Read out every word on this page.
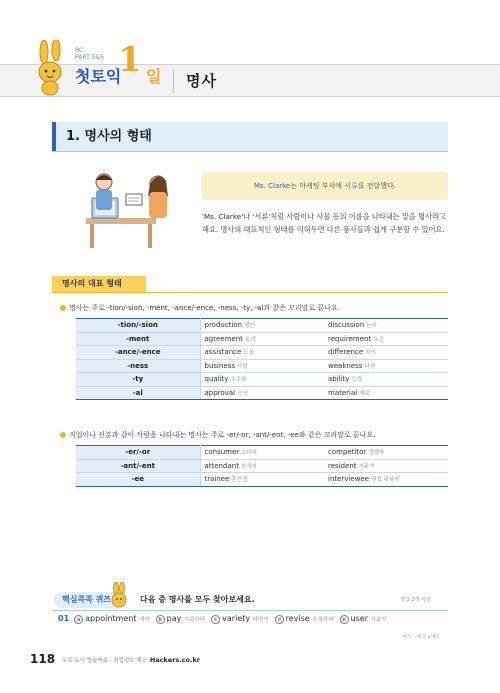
RC
PART 5&6
첫토익
1 일 명사
1. 명사의 형태
Ms. Clarke는 마케팅 부서에 서류를 전달했다.
'Ms. Clarke'나 '서류'처럼 사람이나 사물 등의 이름을 나타내는 말을 명사라고 해요. 명사의 대표적인 형태를 익혀두면 다른 품사들과 쉽게 구분할 수 있어요.
명사의 대표 형태
명사는 주로 -tion/-sion, -ment, -ance/-ence, -ness, -ty, -al과 같은 꼬리말로 끝나요.
-tion/-sion	production 생산	discussion 논의
-ment	agreement 동의	requirement 요건
-ance/-ence	assistance 도움	difference 차이
-ness	business 사업	weakness 약점
-ty	quality 우수함	ability 능력
-al	approval 승인	material 재료
직업이나 신분과 같이 사람을 나타내는 명사는 주로 -er/-or, -ant/-ent, -ee와 같은 꼬리말로 끝나요.
-er/-or	consumer 소비자	competitor 경쟁자
-ant/-ent	attendant 참석자	resident 거주자
-ee	trainee 훈련생	interviewee 면접 대상자
핵심콕콕 퀴즈	다음 중 명사를 모두 찾아보세요.	정답 2개 이상
01 a appointment 예약 b pay 지불하다 c variety 다양성 d revise 수정하다 e user 사용자
해석 · 해설 p.41
118 무료 토익 학습자료 · 취업정보 제공 Hackers.co.kr
